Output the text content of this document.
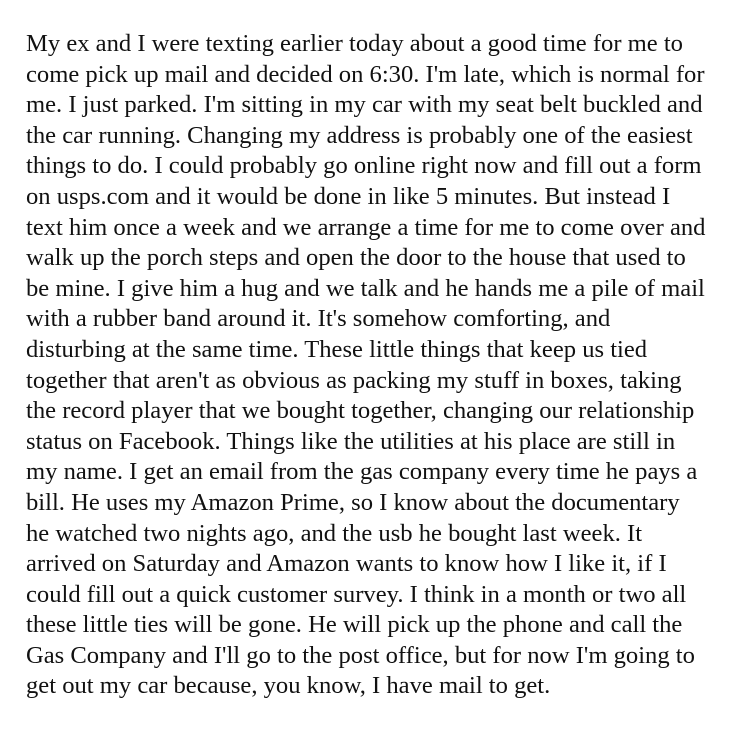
My ex and I were texting earlier today about a good time for me to
come pick up mail and decided on 6:30. I'm late, which is normal for
me. I just parked. I'm sitting in my car with my seat belt buckled and
the car running. Changing my address is probably one of the easiest
things to do. I could probably go online right now and fill out a form
on usps.com and it would be done in like 5 minutes. But instead I
text him once a week and we arrange a time for me to come over and
walk up the porch steps and open the door to the house that used to
be mine. I give him a hug and we talk and he hands me a pile of mail
with a rubber band around it. It's somehow comforting, and
disturbing at the same time. These little things that keep us tied
together that aren't as obvious as packing my stuff in boxes, taking
the record player that we bought together, changing our relationship
status on Facebook. Things like the utilities at his place are still in
my name. I get an email from the gas company every time he pays a
bill. He uses my Amazon Prime, so I know about the documentary
he watched two nights ago, and the usb he bought last week. It
arrived on Saturday and Amazon wants to know how I like it, if I
could fill out a quick customer survey. I think in a month or two all
these little ties will be gone. He will pick up the phone and call the
Gas Company and I'll go to the post office, but for now I'm going to
get out my car because, you know, I have mail to get.
